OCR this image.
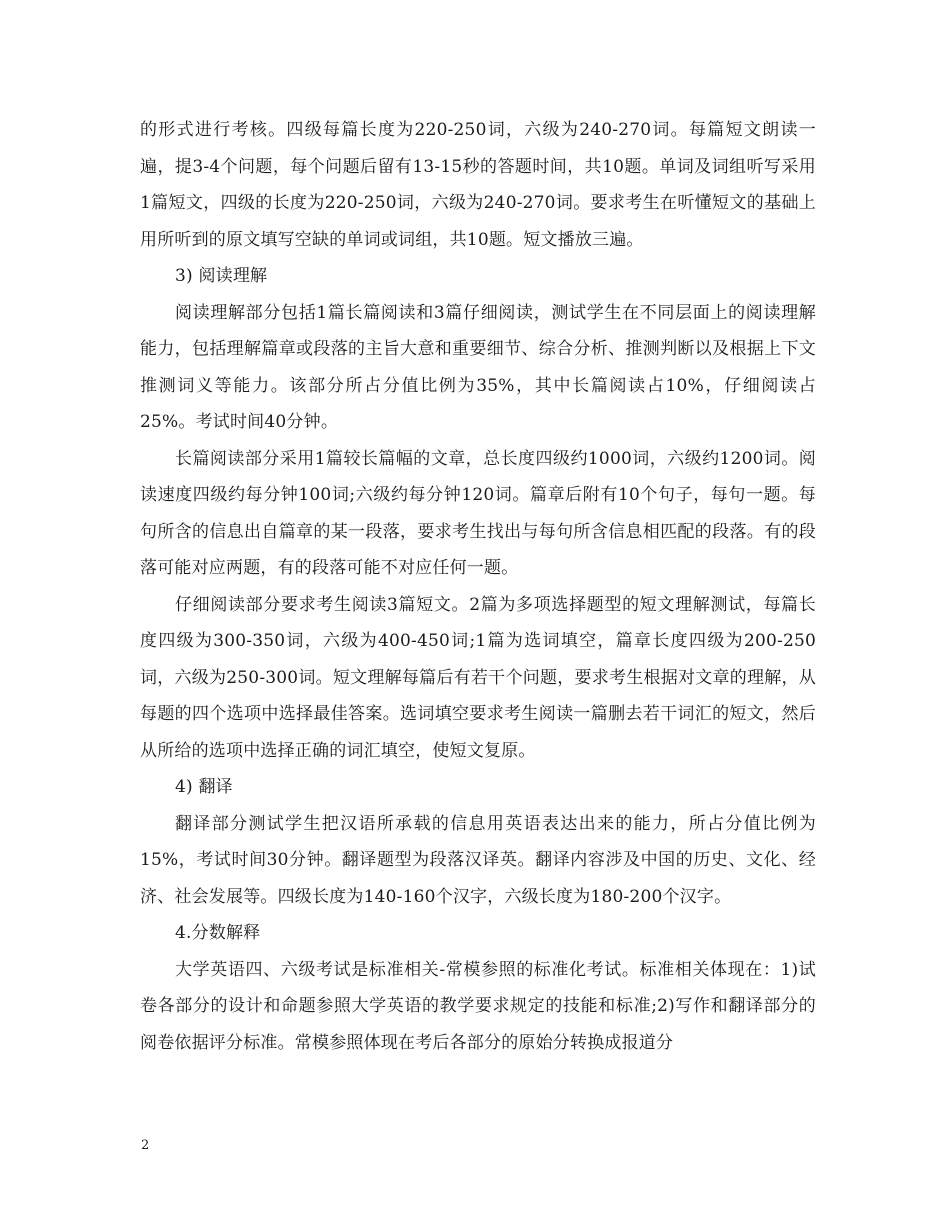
的形式进行考核。四级每篇长度为220-250词，六级为240-270词。每篇短文朗读一遍，提3-4个问题，每个问题后留有13-15秒的答题时间，共10题。单词及词组听写采用1篇短文，四级的长度为220-250词，六级为240-270词。要求考生在听懂短文的基础上用所听到的原文填写空缺的单词或词组，共10题。短文播放三遍。

3) 阅读理解

阅读理解部分包括1篇长篇阅读和3篇仔细阅读，测试学生在不同层面上的阅读理解能力，包括理解篇章或段落的主旨大意和重要细节、综合分析、推测判断以及根据上下文推测词义等能力。该部分所占分值比例为35%，其中长篇阅读占10%，仔细阅读占25%。考试时间40分钟。

长篇阅读部分采用1篇较长篇幅的文章，总长度四级约1000词，六级约1200词。阅读速度四级约每分钟100词;六级约每分钟120词。篇章后附有10个句子，每句一题。每句所含的信息出自篇章的某一段落，要求考生找出与每句所含信息相匹配的段落。有的段落可能对应两题，有的段落可能不对应任何一题。

仔细阅读部分要求考生阅读3篇短文。2篇为多项选择题型的短文理解测试，每篇长度四级为300-350词，六级为400-450词;1篇为选词填空，篇章长度四级为200-250词，六级为250-300词。短文理解每篇后有若干个问题，要求考生根据对文章的理解，从每题的四个选项中选择最佳答案。选词填空要求考生阅读一篇删去若干词汇的短文，然后从所给的选项中选择正确的词汇填空，使短文复原。

4) 翻译

翻译部分测试学生把汉语所承载的信息用英语表达出来的能力，所占分值比例为15%，考试时间30分钟。翻译题型为段落汉译英。翻译内容涉及中国的历史、文化、经济、社会发展等。四级长度为140-160个汉字，六级长度为180-200个汉字。

4.分数解释

大学英语四、六级考试是标准相关-常模参照的标准化考试。标准相关体现在：1)试卷各部分的设计和命题参照大学英语的教学要求规定的技能和标准;2)写作和翻译部分的阅卷依据评分标准。常模参照体现在考后各部分的原始分转换成报道分

2
